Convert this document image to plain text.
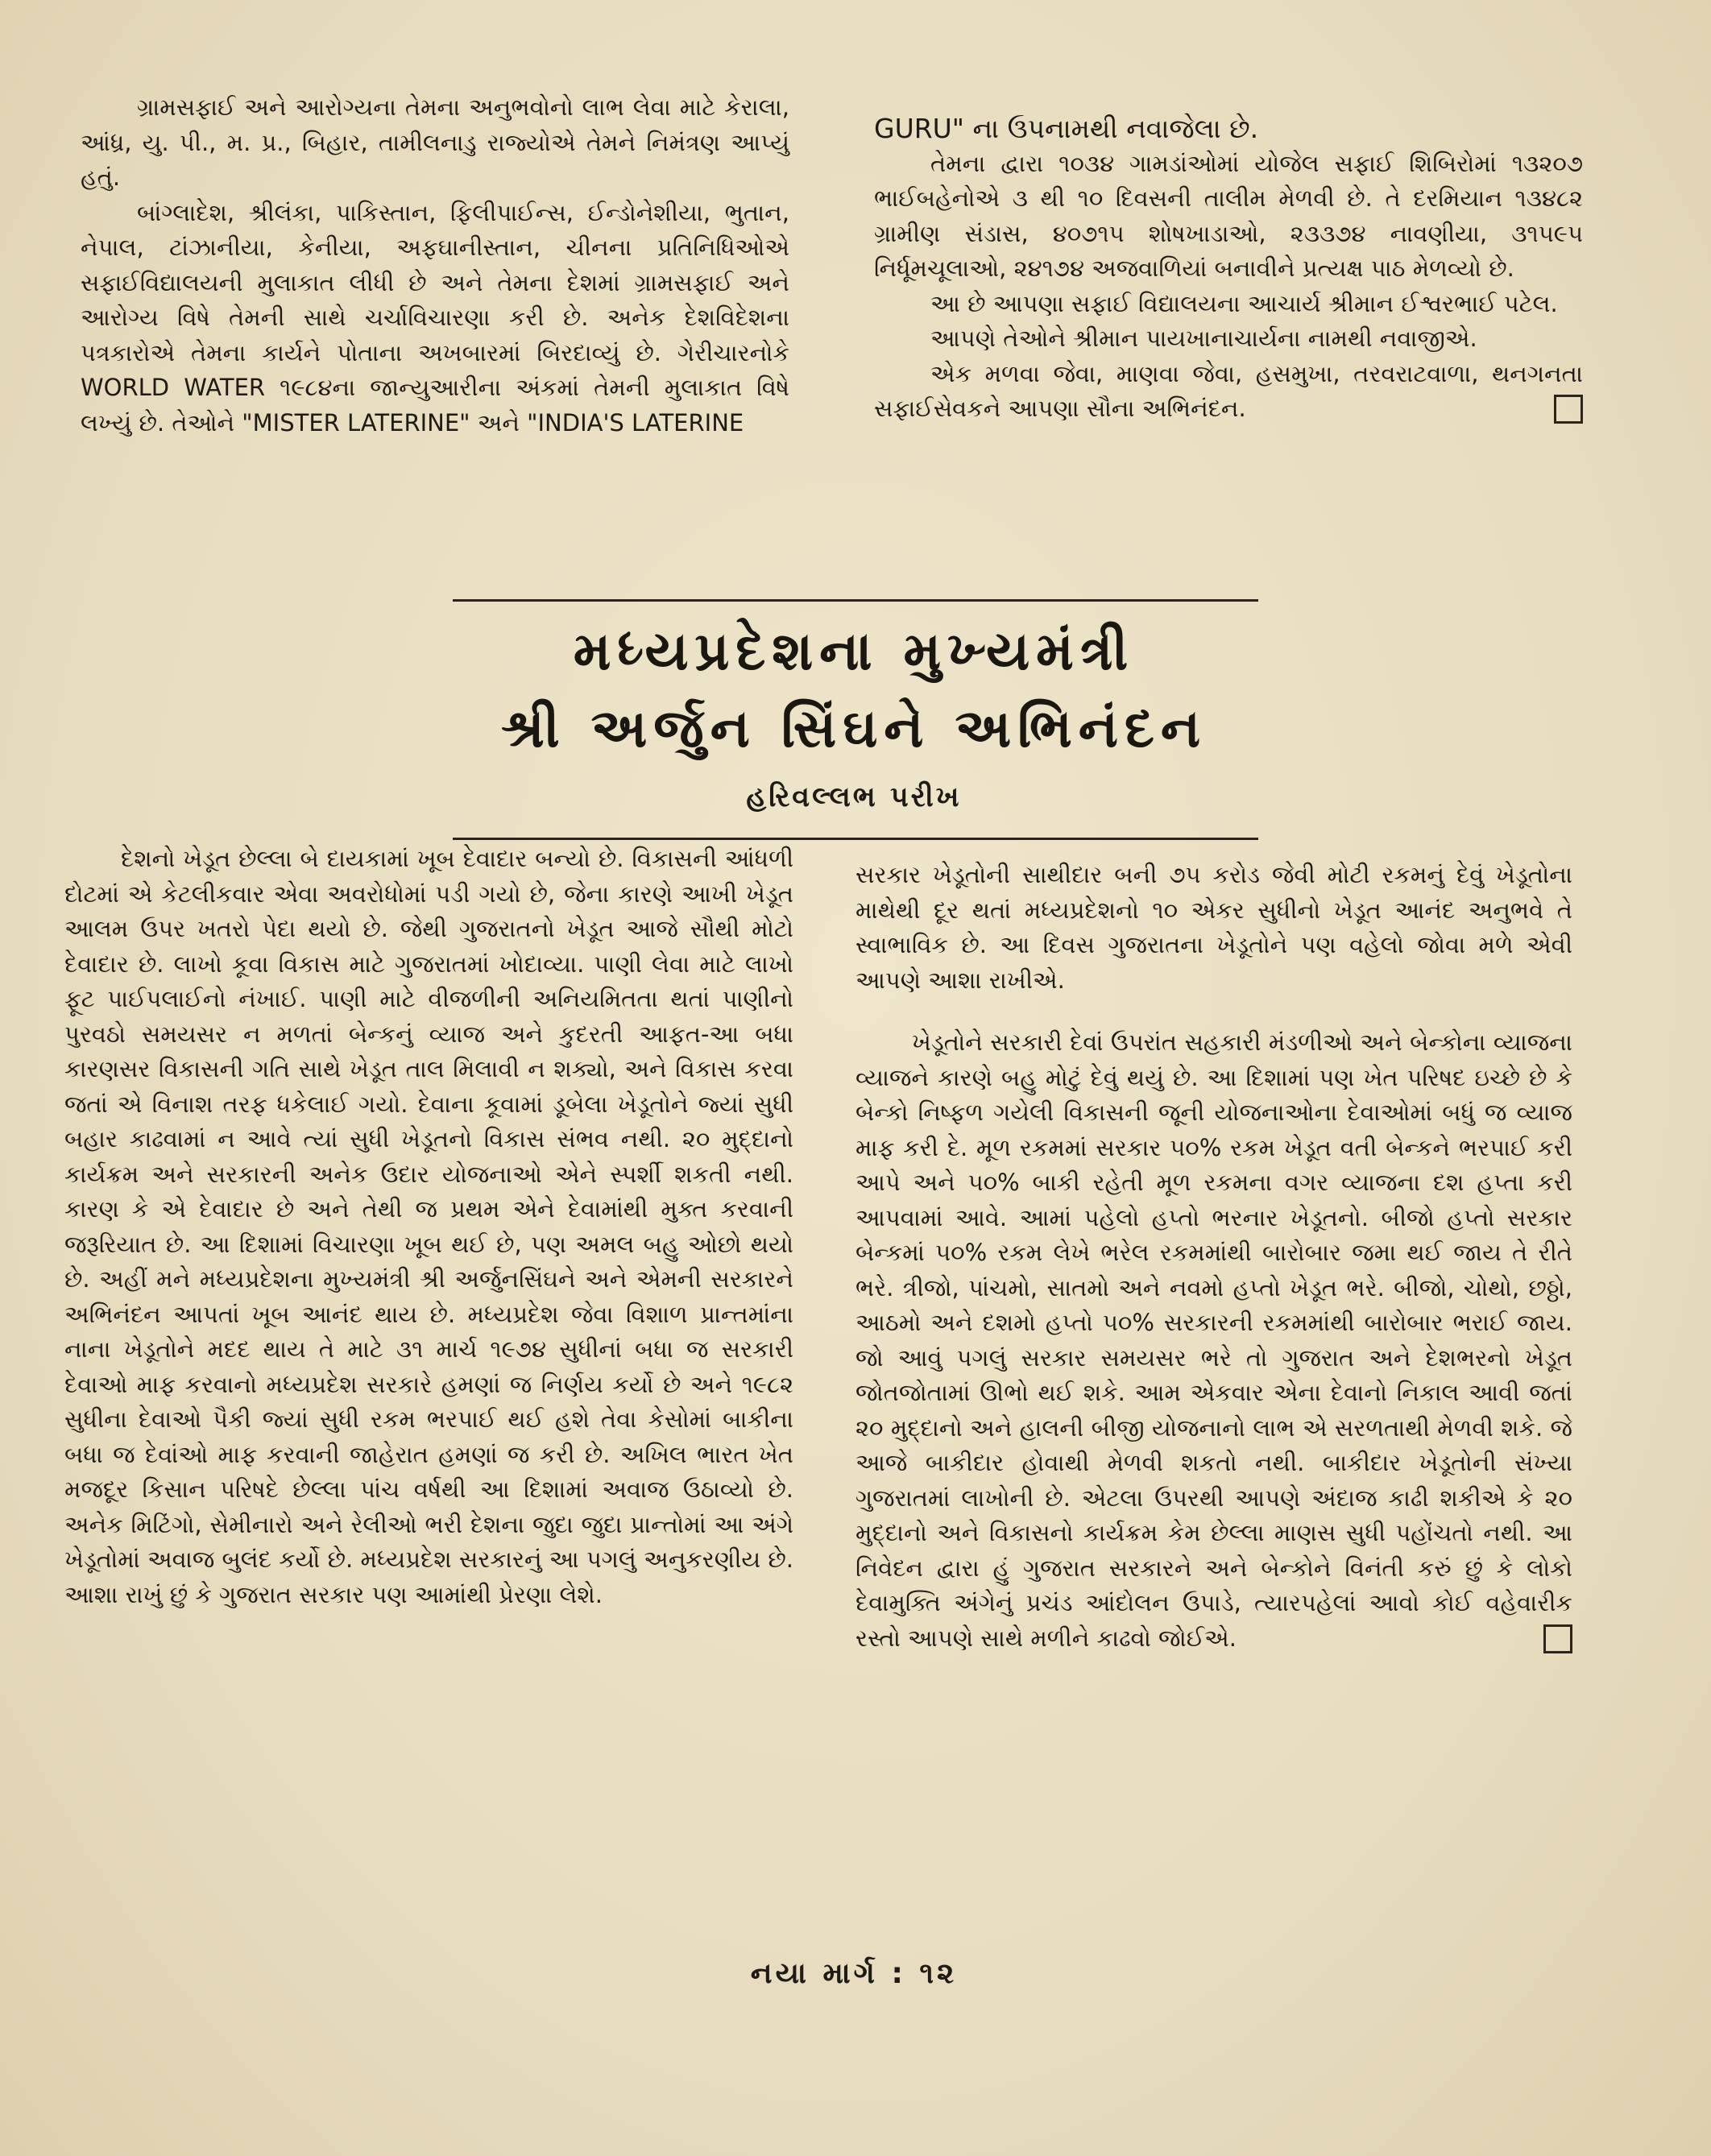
ગ્રામસફાઈ અને આરોગ્યના તેમના અનુભવોનો લાભ લેવા માટે કેરાલા, આંધ્ર, યુ. પી., મ. પ્ર., બિહાર, તામીલનાડુ રાજ્યોએ તેમને નિમંત્રણ આપ્યું હતું.

બાંગ્લાદેશ, શ્રીલંકા, પાકિસ્તાન, ફિલીપાઈન્સ, ઈન્ડોનેશીયા, ભુતાન, નેપાલ, ટાંઝાનીયા, કેનીયા, અફઘાનીસ્તાન, ચીનના પ્રતિનિધિઓએ સફાઈવિદ્યાલયની મુલાકાત લીધી છે અને તેમના દેશમાં ગ્રામસફાઈ અને આરોગ્ય વિષે તેમની સાથે ચર્ચાવિચારણા કરી છે. અનેક દેશવિદેશના પત્રકારોએ તેમના કાર્યને પોતાના અખબારમાં બિરદાવ્યું છે. ગેરીચારનોકે WORLD WATER ૧૯૮૪ના જાન્યુઆરીના અંકમાં તેમની મુલાકાત વિષે લખ્યું છે. તેઓને "MISTER LATERINE" અને "INDIA'S LATERINE

GURU" ના ઉપનામથી નવાજેલા છે.

તેમના દ્વારા ૧૦૩૪ ગામડાંઓમાં યોજેલ સફાઈ શિબિરોમાં ૧૩૨૦૭ ભાઈબહેનોએ ૩ થી ૧૦ દિવસની તાલીમ મેળવી છે. તે દરમિયાન ૧૩૪૮૨ ગ્રામીણ સંડાસ, ૪૦૭૧૫ શોષખાડાઓ, ૨૩૩૭૪ નાવણીયા, ૩૧૫૯૫ નિર્ધૂમચૂલાઓ, ૨૪૧૭૪ અજવાળિયાં બનાવીને પ્રત્યક્ષ પાઠ મેળવ્યો છે.

આ છે આપણા સફાઈ વિદ્યાલયના આચાર્ય શ્રીમાન ઈશ્વરભાઈ પટેલ.

આપણે તેઓને શ્રીમાન પાયખાનાચાર્યના નામથી નવાજીએ.

એક મળવા જેવા, માણવા જેવા, હસમુખા, તરવરાટવાળા, થનગનતા સફાઈસેવકને આપણા સૌના અભિનંદન.

મધ્યપ્રદેશના મુખ્યમંત્રી
શ્રી અર્જુન સિંઘને અભિનંદન
હરિવલ્લભ પરીખ

દેશનો ખેડૂત છેલ્લા બે દાયકામાં ખૂબ દેવાદાર બન્યો છે. વિકાસની આંધળી દોટમાં એ કેટલીકવાર એવા અવરોધોમાં પડી ગયો છે, જેના કારણે આખી ખેડૂત આલમ ઉપર ખતરો પેદા થયો છે. જેથી ગુજરાતનો ખેડૂત આજે સૌથી મોટો દેવાદાર છે. લાખો કૂવા વિકાસ માટે ગુજરાતમાં ખોદાવ્યા. પાણી લેવા માટે લાખો ફૂટ પાઈપલાઈનો નંખાઈ. પાણી માટે વીજળીની અનિયમિતતા થતાં પાણીનો પુરવઠો સમયસર ન મળતાં બેન્કનું વ્યાજ અને કુદરતી આફત-આ બધા કારણસર વિકાસની ગતિ સાથે ખેડૂત તાલ મિલાવી ન શક્યો, અને વિકાસ કરવા જતાં એ વિનાશ તરફ ધકેલાઈ ગયો. દેવાના કૂવામાં ડૂબેલા ખેડૂતોને જ્યાં સુધી બહાર કાઢવામાં ન આવે ત્યાં સુધી ખેડૂતનો વિકાસ સંભવ નથી. ૨૦ મુદ્દાનો કાર્યક્રમ અને સરકારની અનેક ઉદાર યોજનાઓ એને સ્પર્શી શકતી નથી. કારણ કે એ દેવાદાર છે અને તેથી જ પ્રથમ એને દેવામાંથી મુક્ત કરવાની જરૂરિયાત છે. આ દિશામાં વિચારણા ખૂબ થઈ છે, પણ અમલ બહુ ઓછો થયો છે. અહીં મને મધ્યપ્રદેશના મુખ્યમંત્રી શ્રી અર્જુનસિંઘને અને એમની સરકારને અભિનંદન આપતાં ખૂબ આનંદ થાય છે. મધ્યપ્રદેશ જેવા વિશાળ પ્રાન્તમાંના નાના ખેડૂતોને મદદ થાય તે માટે ૩૧ માર્ચ ૧૯૭૪ સુધીનાં બધા જ સરકારી દેવાઓ માફ કરવાનો મધ્યપ્રદેશ સરકારે હમણાં જ નિર્ણય કર્યો છે અને ૧૯૮૨ સુધીના દેવાઓ પૈકી જ્યાં સુધી રકમ ભરપાઈ થઈ હશે તેવા કેસોમાં બાકીના બધા જ દેવાંઓ માફ કરવાની જાહેરાત હમણાં જ કરી છે. અખિલ ભારત ખેત મજદૂર કિસાન પરિષદે છેલ્લા પાંચ વર્ષથી આ દિશામાં અવાજ ઉઠાવ્યો છે. અનેક મિટિંગો, સેમીનારો અને રેલીઓ ભરી દેશના જુદા જુદા પ્રાન્તોમાં આ અંગે ખેડૂતોમાં અવાજ બુલંદ કર્યો છે. મધ્યપ્રદેશ સરકારનું આ પગલું અનુકરણીય છે. આશા રાખું છું કે ગુજરાત સરકાર પણ આમાંથી પ્રેરણા લેશે.

સરકાર ખેડૂતોની સાથીદાર બની ૭૫ કરોડ જેવી મોટી રકમનું દેવું ખેડૂતોના માથેથી દૂર થતાં મધ્યપ્રદેશનો ૧૦ એકર સુધીનો ખેડૂત આનંદ અનુભવે તે સ્વાભાવિક છે. આ દિવસ ગુજરાતના ખેડૂતોને પણ વહેલો જોવા મળે એવી આપણે આશા રાખીએ.

ખેડૂતોને સરકારી દેવાં ઉપરાંત સહકારી મંડળીઓ અને બેન્કોના વ્યાજના વ્યાજને કારણે બહુ મોટું દેવું થયું છે. આ દિશામાં પણ ખેત પરિષદ ઇચ્છે છે કે બેન્કો નિષ્ફળ ગયેલી વિકાસની જૂની યોજનાઓના દેવાઓમાં બધું જ વ્યાજ માફ કરી દે. મૂળ રકમમાં સરકાર ૫૦% રકમ ખેડૂત વતી બેન્કને ભરપાઈ કરી આપે અને ૫૦% બાકી રહેતી મૂળ રકમના વગર વ્યાજના દશ હપ્તા કરી આપવામાં આવે. આમાં પહેલો હપ્તો ભરનાર ખેડૂતનો. બીજો હપ્તો સરકાર બેન્કમાં ૫૦% રકમ લેખે ભરેલ રકમમાંથી બારોબાર જમા થઈ જાય તે રીતે ભરે. ત્રીજો, પાંચમો, સાતમો અને નવમો હપ્તો ખેડૂત ભરે. બીજો, ચોથો, છઠ્ઠો, આઠમો અને દશમો હપ્તો ૫૦% સરકારની રકમમાંથી બારોબાર ભરાઈ જાય. જો આવું પગલું સરકાર સમયસર ભરે તો ગુજરાત અને દેશભરનો ખેડૂત જોતજોતામાં ઊભો થઈ શકે. આમ એકવાર એના દેવાનો નિકાલ આવી જતાં ૨૦ મુદ્દાનો અને હાલની બીજી યોજનાનો લાભ એ સરળતાથી મેળવી શકે. જે આજે બાકીદાર હોવાથી મેળવી શકતો નથી. બાકીદાર ખેડૂતોની સંખ્યા ગુજરાતમાં લાખોની છે. એટલા ઉપરથી આપણે અંદાજ કાઢી શકીએ કે ૨૦ મુદ્દાનો અને વિકાસનો કાર્યક્રમ કેમ છેલ્લા માણસ સુધી પહોંચતો નથી. આ નિવેદન દ્વારા હું ગુજરાત સરકારને અને બેન્કોને વિનંતી કરું છું કે લોકો દેવામુક્તિ અંગેનું પ્રચંડ આંદોલન ઉપાડે, ત્યારપહેલાં આવો કોઈ વહેવારીક રસ્તો આપણે સાથે મળીને કાઢવો જોઈએ.

નયા માર્ગ : ૧૨
